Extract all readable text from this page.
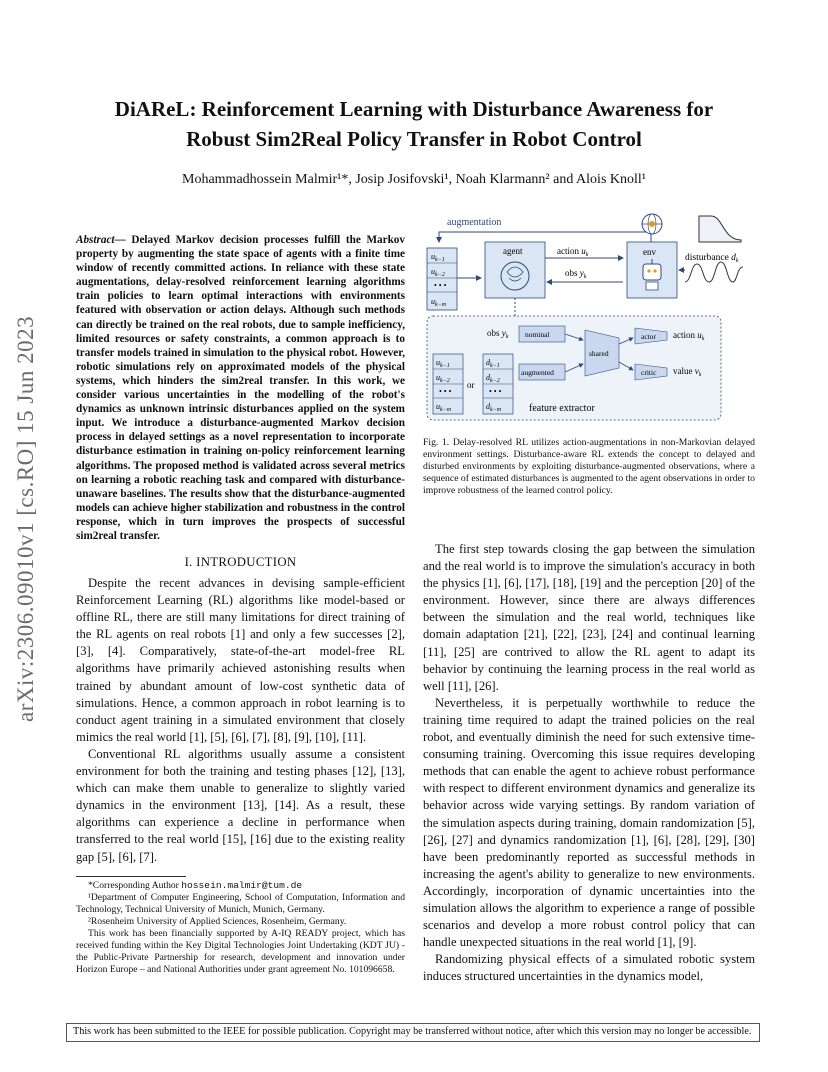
DiAReL: Reinforcement Learning with Disturbance Awareness for
Robust Sim2Real Policy Transfer in Robot Control
Mohammadhossein Malmir¹*, Josip Josifovski¹, Noah Klarmann² and Alois Knoll¹
arXiv:2306.09010v1 [cs.RO] 15 Jun 2023
Abstract— Delayed Markov decision processes fulfill the Markov property by augmenting the state space of agents with a finite time window of recently committed actions. In reliance with these state augmentations, delay-resolved reinforcement learning algorithms train policies to learn optimal interactions with environments featured with observation or action delays. Although such methods can directly be trained on the real robots, due to sample inefficiency, limited resources or safety constraints, a common approach is to transfer models trained in simulation to the physical robot. However, robotic simulations rely on approximated models of the physical systems, which hinders the sim2real transfer. In this work, we consider various uncertainties in the modelling of the robot's dynamics as unknown intrinsic disturbances applied on the system input. We introduce a disturbance-augmented Markov decision process in delayed settings as a novel representation to incorporate disturbance estimation in training on-policy reinforcement learning algorithms. The proposed method is validated across several metrics on learning a robotic reaching task and compared with disturbance-unaware baselines. The results show that the disturbance-augmented models can achieve higher stabilization and robustness in the control response, which in turn improves the prospects of successful sim2real transfer.
I. INTRODUCTION

Despite the recent advances in devising sample-efficient Reinforcement Learning (RL) algorithms like model-based or offline RL, there are still many limitations for direct training of the RL agents on real robots [1] and only a few successes [2], [3], [4]. Comparatively, state-of-the-art model-free RL algorithms have primarily achieved astonishing results when trained by abundant amount of low-cost synthetic data of simulations. Hence, a common approach in robot learning is to conduct agent training in a simulated environment that closely mimics the real world [1], [5], [6], [7], [8], [9], [10], [11].

Conventional RL algorithms usually assume a consistent environment for both the training and testing phases [12], [13], which can make them unable to generalize to slightly varied dynamics in the environment [13], [14]. As a result, these algorithms can experience a decline in performance when transferred to the real world [15], [16] due to the existing reality gap [5], [6], [7].

*Corresponding Author hossein.malmir@tum.de

¹Department of Computer Engineering, School of Computation, Information and Technology, Technical University of Munich, Munich, Germany.

²Rosenheim University of Applied Sciences, Rosenheim, Germany.

This work has been financially supported by A-IQ READY project, which has received funding within the Key Digital Technologies Joint Undertaking (KDT JU) - the Public-Private Partnership for research, development and innovation under Horizon Europe – and National Authorities under grant agreement No. 101096658.

augmentation
$u_{k-1}$
$u_{k-2}$
• • •
$u_{k-m}$
agent	action $u_k$
obs $y_k$
env
disturbance $d_k$
obs $y_k$ nominal
$u_{k-1}$
$u_{k-2}$
• • •
$u_{k-m}$
or
$d_{k-1}$
$d_{k-2}$
• • •
$d_{k-m}$
augmented
shared
actor
critic
action $u_k$
value $v_k$
feature extractor
Fig. 1. Delay-resolved RL utilizes action-augmentations in non-Markovian delayed environment settings. Disturbance-aware RL extends the concept to delayed and disturbed environments by exploiting disturbance-augmented observations, where a sequence of estimated disturbances is augmented to the agent observations in order to improve robustness of the learned control policy.

The first step towards closing the gap between the simulation and the real world is to improve the simulation's accuracy in both the physics [1], [6], [17], [18], [19] and the perception [20] of the environment. However, since there are always differences between the simulation and the real world, techniques like domain adaptation [21], [22], [23], [24] and continual learning [11], [25] are contrived to allow the RL agent to adapt its behavior by continuing the learning process in the real world as well [11], [26].

Nevertheless, it is perpetually worthwhile to reduce the training time required to adapt the trained policies on the real robot, and eventually diminish the need for such extensive time-consuming training. Overcoming this issue requires developing methods that can enable the agent to achieve robust performance with respect to different environment dynamics and generalize its behavior across wide varying settings. By random variation of the simulation aspects during training, domain randomization [5], [26], [27] and dynamics randomization [1], [6], [28], [29], [30] have been predominantly reported as successful methods in increasing the agent's ability to generalize to new environments. Accordingly, incorporation of dynamic uncertainties into the simulation allows the algorithm to experience a range of possible scenarios and develop a more robust control policy that can handle unexpected situations in the real world [1], [9].

Randomizing physical effects of a simulated robotic system induces structured uncertainties in the dynamics model,

This work has been submitted to the IEEE for possible publication. Copyright may be transferred without notice, after which this version may no longer be accessible.
